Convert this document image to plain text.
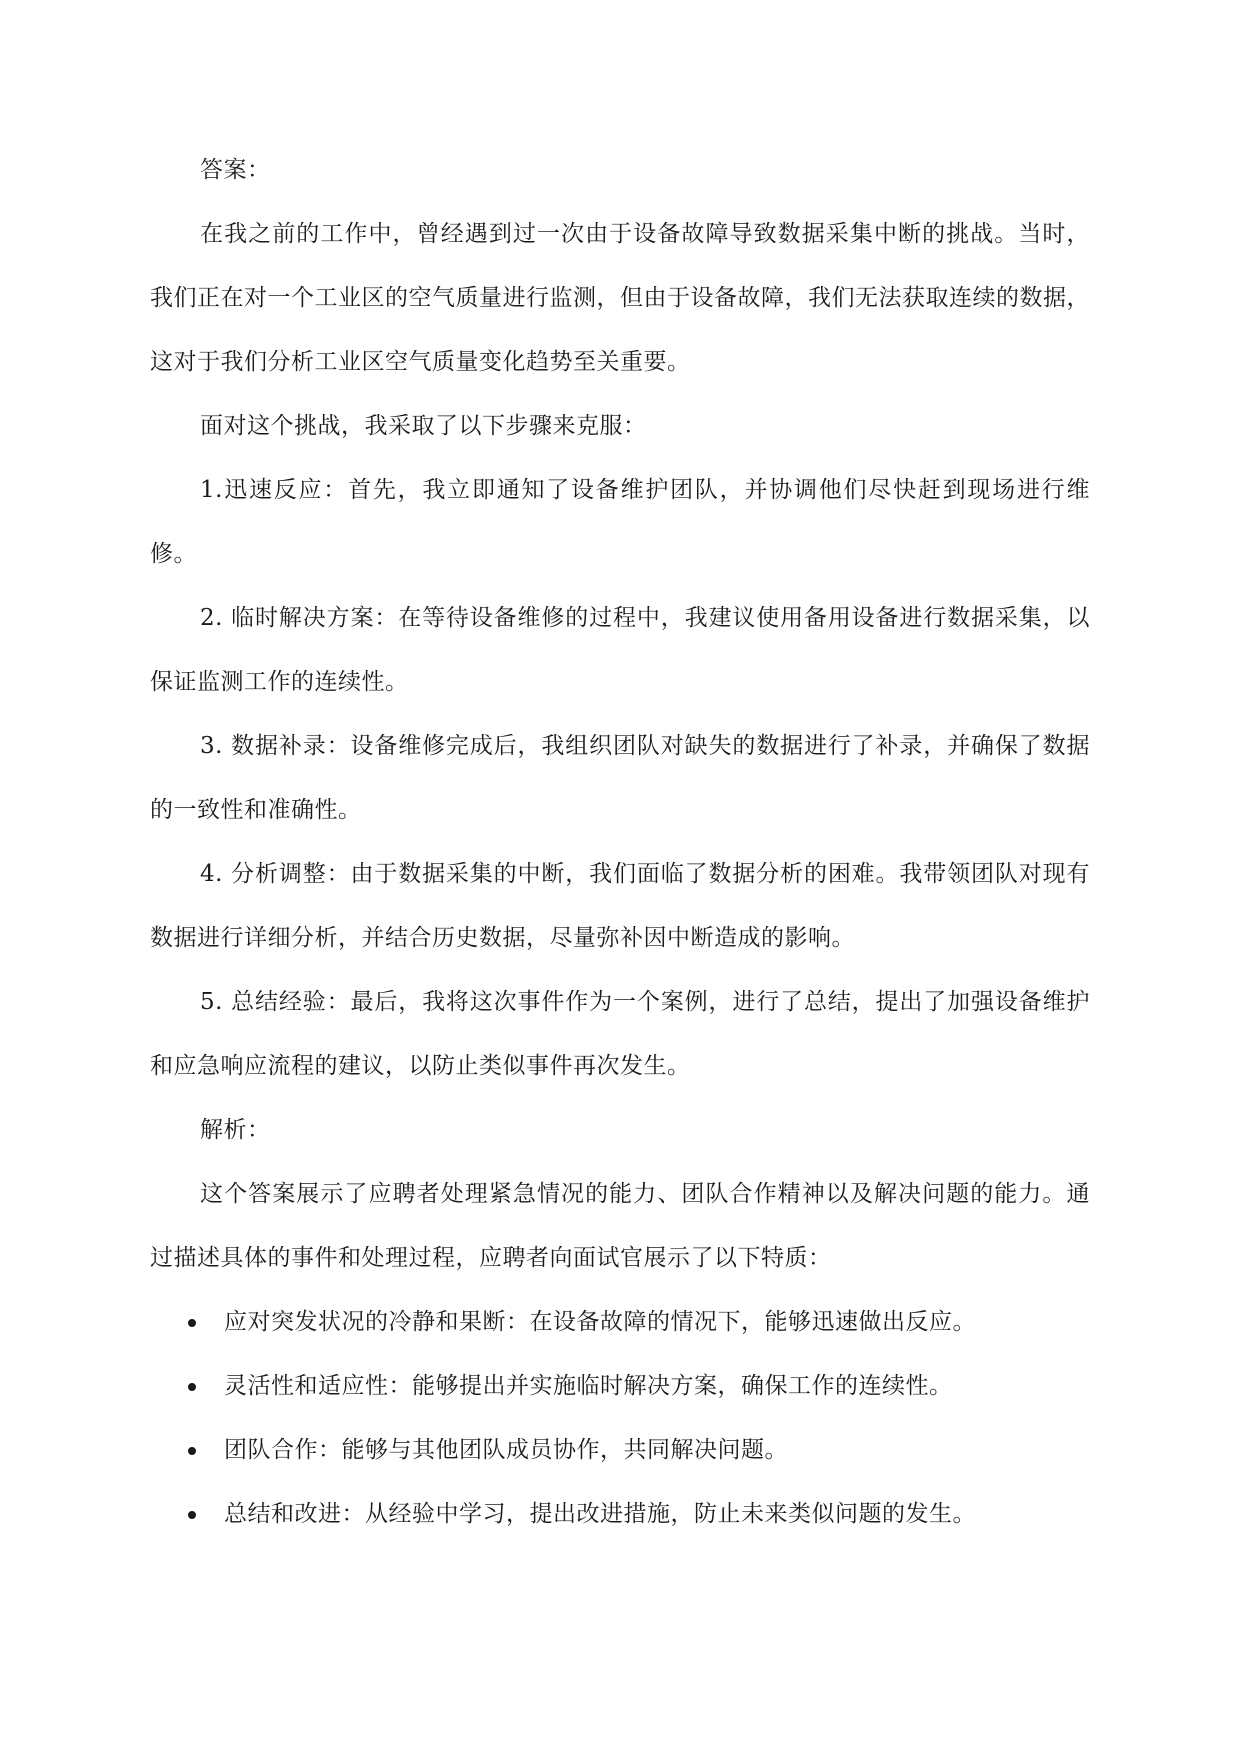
答案：

在我之前的工作中，曾经遇到过一次由于设备故障导致数据采集中断的挑战。当时，我们正在对一个工业区的空气质量进行监测，但由于设备故障，我们无法获取连续的数据，这对于我们分析工业区空气质量变化趋势至关重要。

面对这个挑战，我采取了以下步骤来克服：

1.迅速反应：首先，我立即通知了设备维护团队，并协调他们尽快赶到现场进行维修。

2. 临时解决方案：在等待设备维修的过程中，我建议使用备用设备进行数据采集，以保证监测工作的连续性。

3. 数据补录：设备维修完成后，我组织团队对缺失的数据进行了补录，并确保了数据的一致性和准确性。

4. 分析调整：由于数据采集的中断，我们面临了数据分析的困难。我带领团队对现有数据进行详细分析，并结合历史数据，尽量弥补因中断造成的影响。

5. 总结经验：最后，我将这次事件作为一个案例，进行了总结，提出了加强设备维护和应急响应流程的建议，以防止类似事件再次发生。

解析：

这个答案展示了应聘者处理紧急情况的能力、团队合作精神以及解决问题的能力。通过描述具体的事件和处理过程，应聘者向面试官展示了以下特质：

应对突发状况的冷静和果断：在设备故障的情况下，能够迅速做出反应。
灵活性和适应性：能够提出并实施临时解决方案，确保工作的连续性。
团队合作：能够与其他团队成员协作，共同解决问题。
总结和改进：从经验中学习，提出改进措施，防止未来类似问题的发生。
